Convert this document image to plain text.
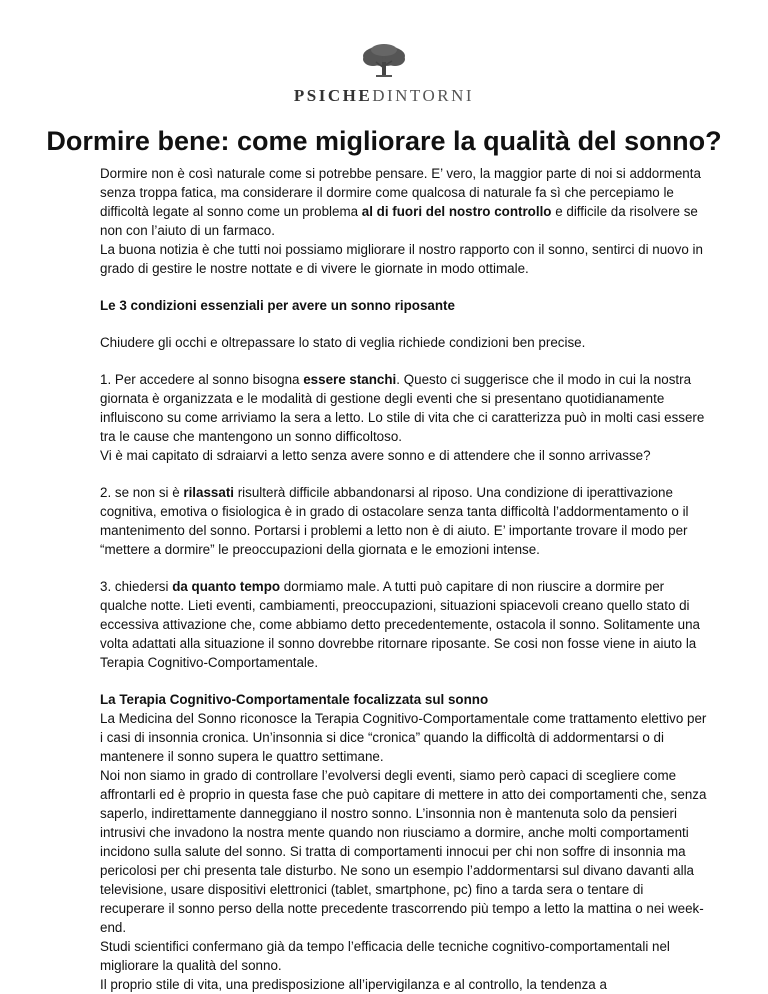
PSICHEDINTORNI
Dormire bene: come migliorare la qualità del sonno?

Dormire non è così naturale come si potrebbe pensare. E’ vero, la maggior parte di noi si addormenta senza troppa fatica, ma considerare il dormire come qualcosa di naturale fa sì che percepiamo le difficoltà legate al sonno come un problema al di fuori del nostro controllo e difficile da risolvere se non con l’aiuto di un farmaco.

La buona notizia è che tutti noi possiamo migliorare il nostro rapporto con il sonno, sentirci di nuovo in grado di gestire le nostre nottate e di vivere le giornate in modo ottimale.

Le 3 condizioni essenziali per avere un sonno riposante

Chiudere gli occhi e oltrepassare lo stato di veglia richiede condizioni ben precise.

1. Per accedere al sonno bisogna essere stanchi. Questo ci suggerisce che il modo in cui la nostra giornata è organizzata e le modalità di gestione degli eventi che si presentano quotidianamente influiscono su come arriviamo la sera a letto. Lo stile di vita che ci caratterizza può in molti casi essere tra le cause che mantengono un sonno difficoltoso.

Vi è mai capitato di sdraiarvi a letto senza avere sonno e di attendere che il sonno arrivasse?

2. se non si è rilassati risulterà difficile abbandonarsi al riposo. Una condizione di iperattivazione cognitiva, emotiva o fisiologica è in grado di ostacolare senza tanta difficoltà l’addormentamento o il mantenimento del sonno. Portarsi i problemi a letto non è di aiuto. E’ importante trovare il modo per “mettere a dormire” le preoccupazioni della giornata e le emozioni intense.

3. chiedersi da quanto tempo dormiamo male. A tutti può capitare di non riuscire a dormire per qualche notte. Lieti eventi, cambiamenti, preoccupazioni, situazioni spiacevoli creano quello stato di eccessiva attivazione che, come abbiamo detto precedentemente, ostacola il sonno. Solitamente una volta adattati alla situazione il sonno dovrebbe ritornare riposante. Se cosi non fosse viene in aiuto la Terapia Cognitivo-Comportamentale.

La Terapia Cognitivo-Comportamentale focalizzata sul sonno

La Medicina del Sonno riconosce la Terapia Cognitivo-Comportamentale come trattamento elettivo per i casi di insonnia cronica. Un’insonnia si dice “cronica” quando la difficoltà di addormentarsi o di mantenere il sonno supera le quattro settimane.

Noi non siamo in grado di controllare l’evolversi degli eventi, siamo però capaci di scegliere come affrontarli ed è proprio in questa fase che può capitare di mettere in atto dei comportamenti che, senza saperlo, indirettamente danneggiano il nostro sonno. L’insonnia non è mantenuta solo da pensieri intrusivi che invadono la nostra mente quando non riusciamo a dormire, anche molti comportamenti incidono sulla salute del sonno. Si tratta di comportamenti innocui per chi non soffre di insonnia ma pericolosi per chi presenta tale disturbo. Ne sono un esempio l’addormentarsi sul divano davanti alla televisione, usare dispositivi elettronici (tablet, smartphone, pc) fino a tarda sera o tentare di recuperare il sonno perso della notte precedente trascorrendo più tempo a letto la mattina o nei week-end.

Studi scientifici confermano già da tempo l’efficacia delle tecniche cognitivo-comportamentali nel migliorare la qualità del sonno.

Il proprio stile di vita, una predisposizione all’ipervigilanza e al controllo, la tendenza a
